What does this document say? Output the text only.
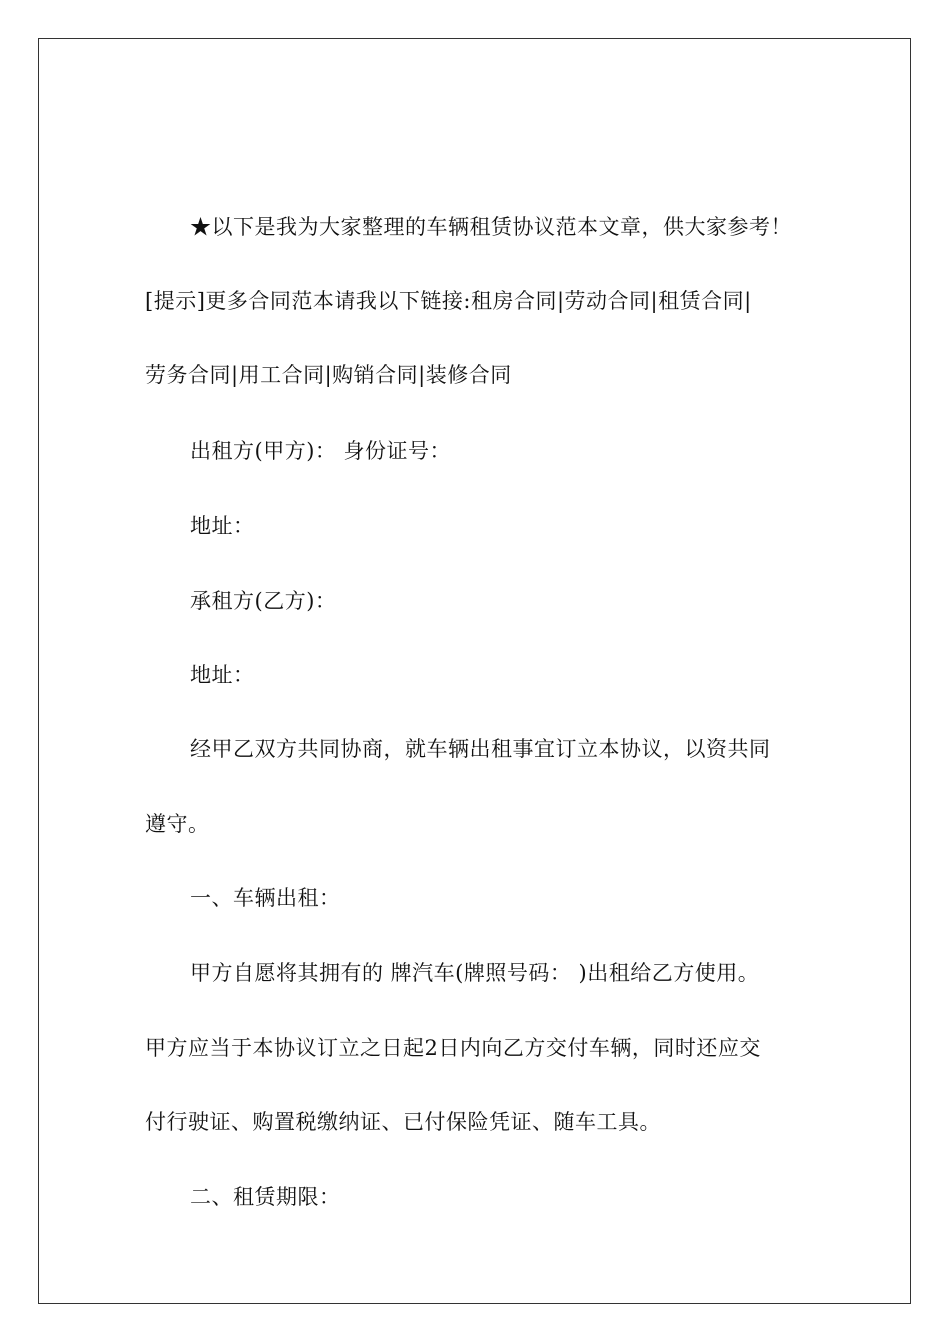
★以下是我为大家整理的车辆租赁协议范本文章，供大家参考！
[提示]更多合同范本请我以下链接:租房合同|劳动合同|租赁合同|
劳务合同|用工合同|购销合同|装修合同
出租方(甲方)： 身份证号：
地址：
承租方(乙方)：
地址：
经甲乙双方共同协商，就车辆出租事宜订立本协议，以资共同
遵守。
一、车辆出租：
甲方自愿将其拥有的 牌汽车(牌照号码： )出租给乙方使用。
甲方应当于本协议订立之日起2日内向乙方交付车辆，同时还应交
付行驶证、购置税缴纳证、已付保险凭证、随车工具。
二、租赁期限：
